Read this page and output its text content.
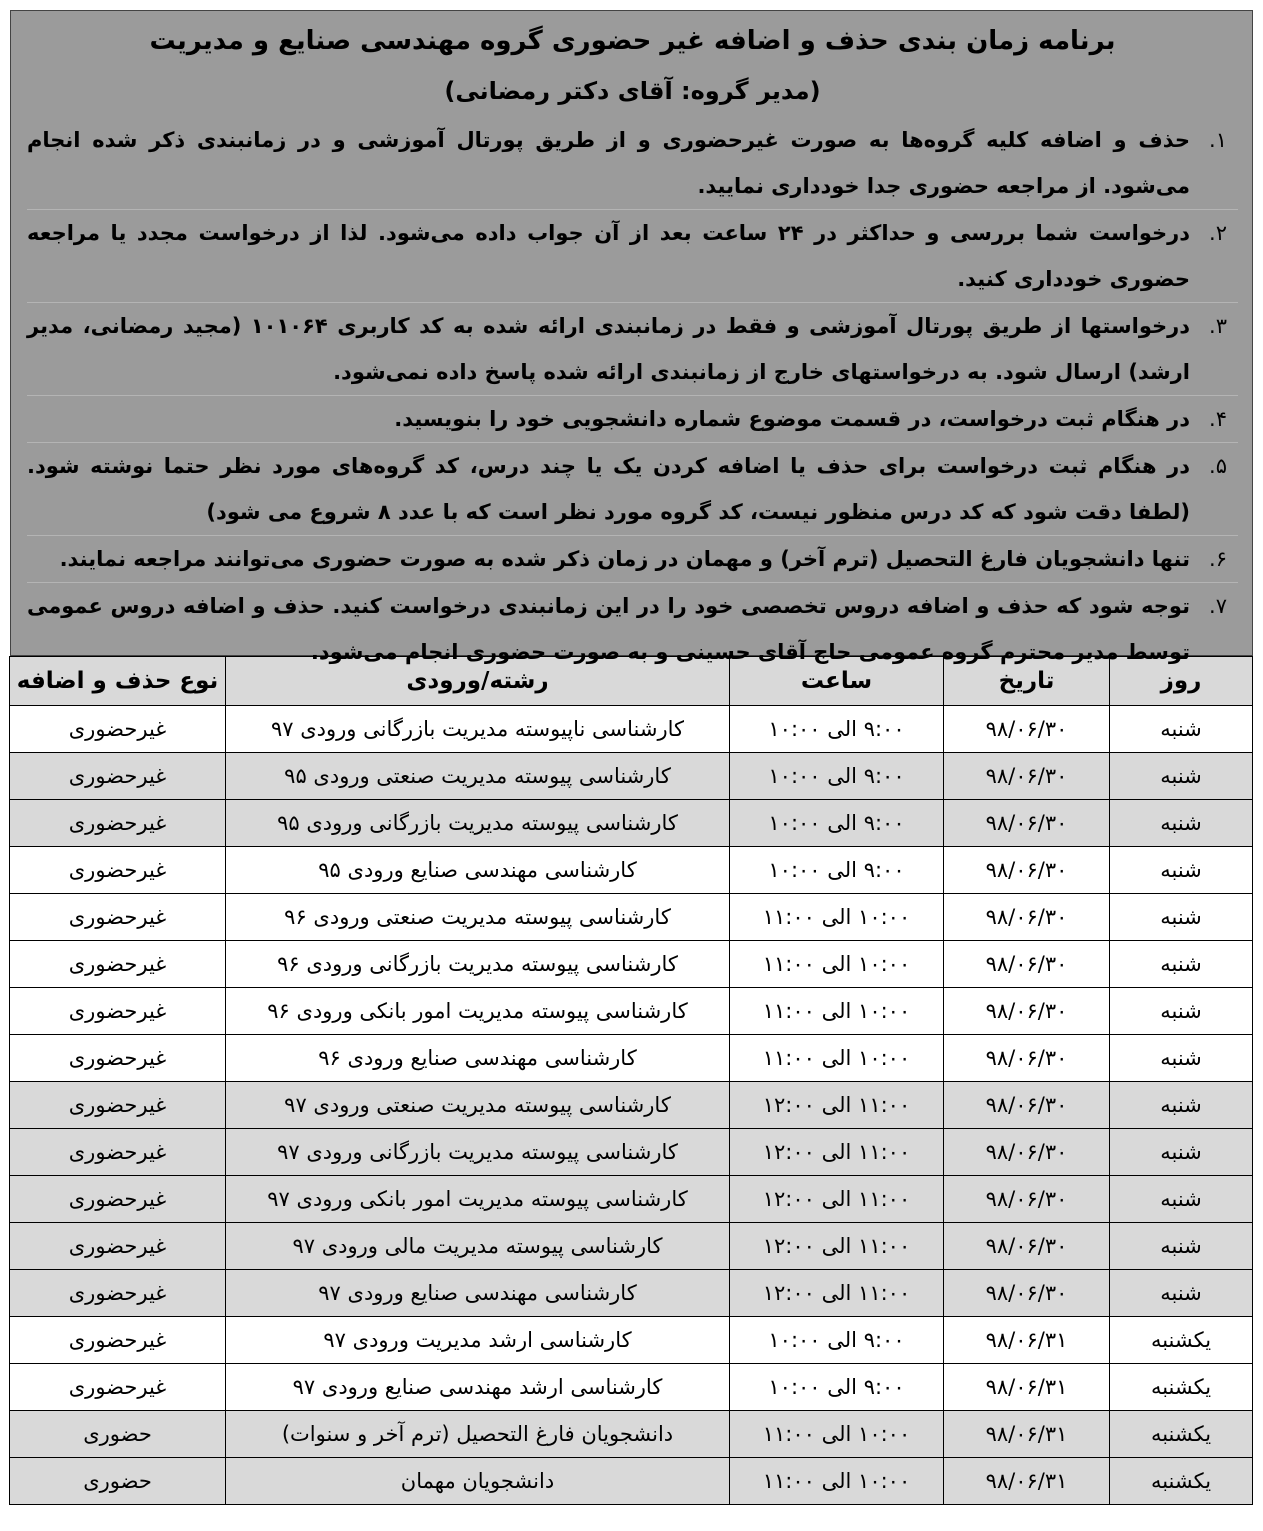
برنامه زمان بندی حذف و اضافه غیر حضوری گروه مهندسی صنایع و مدیریت
(مدیر گروه: آقای دکتر رمضانی)
۱.
حذف و اضافه کلیه گروه‌ها به صورت غیرحضوری و از طریق پورتال آموزشی و در زمانبندی ذکر شده انجام می‌شود. از مراجعه حضوری جدا خودداری نمایید.
۲.
درخواست شما بررسی و حداکثر در ۲۴ ساعت بعد از آن جواب داده می‌شود. لذا از درخواست مجدد یا مراجعه حضوری خودداری کنید.
۳.
درخواستها از طریق پورتال آموزشی و فقط در زمانبندی ارائه شده به کد کاربری ۱۰۱۰۶۴ (مجید رمضانی، مدیر ارشد) ارسال شود. به درخواستهای خارج از زمانبندی ارائه شده پاسخ داده نمی‌شود.
۴.
در هنگام ثبت درخواست، در قسمت موضوع شماره دانشجویی خود را بنویسید.
۵.
در هنگام ثبت درخواست برای حذف یا اضافه کردن یک یا چند درس، کد گروه‌های مورد نظر حتما نوشته شود. (لطفا دقت شود که کد درس منظور نیست، کد گروه مورد نظر است که با عدد ۸ شروع می شود)
۶.
تنها دانشجویان فارغ التحصیل (ترم آخر) و مهمان در زمان ذکر شده به صورت حضوری می‌توانند مراجعه نمایند.
۷.
توجه شود که حذف و اضافه دروس تخصصی خود را در این زمانبندی درخواست کنید. حذف و اضافه دروس عمومی توسط مدیر محترم گروه عمومی حاج آقای حسینی و به صورت حضوری انجام می‌شود.
روز	تاریخ	ساعت	رشته/ورودی	نوع حذف و اضافه
شنبه	۹۸/۰۶/۳۰	۹:۰۰ الی ۱۰:۰۰	کارشناسی ناپیوسته مدیریت بازرگانی ورودی ۹۷	غیرحضوری
شنبه	۹۸/۰۶/۳۰	۹:۰۰ الی ۱۰:۰۰	کارشناسی پیوسته مدیریت صنعتی ورودی ۹۵	غیرحضوری
شنبه	۹۸/۰۶/۳۰	۹:۰۰ الی ۱۰:۰۰	کارشناسی پیوسته مدیریت بازرگانی ورودی ۹۵	غیرحضوری
شنبه	۹۸/۰۶/۳۰	۹:۰۰ الی ۱۰:۰۰	کارشناسی مهندسی صنایع ورودی ۹۵	غیرحضوری
شنبه	۹۸/۰۶/۳۰	۱۰:۰۰ الی ۱۱:۰۰	کارشناسی پیوسته مدیریت صنعتی ورودی ۹۶	غیرحضوری
شنبه	۹۸/۰۶/۳۰	۱۰:۰۰ الی ۱۱:۰۰	کارشناسی پیوسته مدیریت بازرگانی ورودی ۹۶	غیرحضوری
شنبه	۹۸/۰۶/۳۰	۱۰:۰۰ الی ۱۱:۰۰	کارشناسی پیوسته مدیریت امور بانکی ورودی ۹۶	غیرحضوری
شنبه	۹۸/۰۶/۳۰	۱۰:۰۰ الی ۱۱:۰۰	کارشناسی مهندسی صنایع ورودی ۹۶	غیرحضوری
شنبه	۹۸/۰۶/۳۰	۱۱:۰۰ الی ۱۲:۰۰	کارشناسی پیوسته مدیریت صنعتی ورودی ۹۷	غیرحضوری
شنبه	۹۸/۰۶/۳۰	۱۱:۰۰ الی ۱۲:۰۰	کارشناسی پیوسته مدیریت بازرگانی ورودی ۹۷	غیرحضوری
شنبه	۹۸/۰۶/۳۰	۱۱:۰۰ الی ۱۲:۰۰	کارشناسی پیوسته مدیریت امور بانکی ورودی ۹۷	غیرحضوری
شنبه	۹۸/۰۶/۳۰	۱۱:۰۰ الی ۱۲:۰۰	کارشناسی پیوسته مدیریت مالی ورودی ۹۷	غیرحضوری
شنبه	۹۸/۰۶/۳۰	۱۱:۰۰ الی ۱۲:۰۰	کارشناسی مهندسی صنایع ورودی ۹۷	غیرحضوری
یکشنبه	۹۸/۰۶/۳۱	۹:۰۰ الی ۱۰:۰۰	کارشناسی ارشد مدیریت ورودی ۹۷	غیرحضوری
یکشنبه	۹۸/۰۶/۳۱	۹:۰۰ الی ۱۰:۰۰	کارشناسی ارشد مهندسی صنایع ورودی ۹۷	غیرحضوری
یکشنبه	۹۸/۰۶/۳۱	۱۰:۰۰ الی ۱۱:۰۰	دانشجویان فارغ التحصیل (ترم آخر و سنوات)	حضوری
یکشنبه	۹۸/۰۶/۳۱	۱۰:۰۰ الی ۱۱:۰۰	دانشجویان مهمان	حضوری
